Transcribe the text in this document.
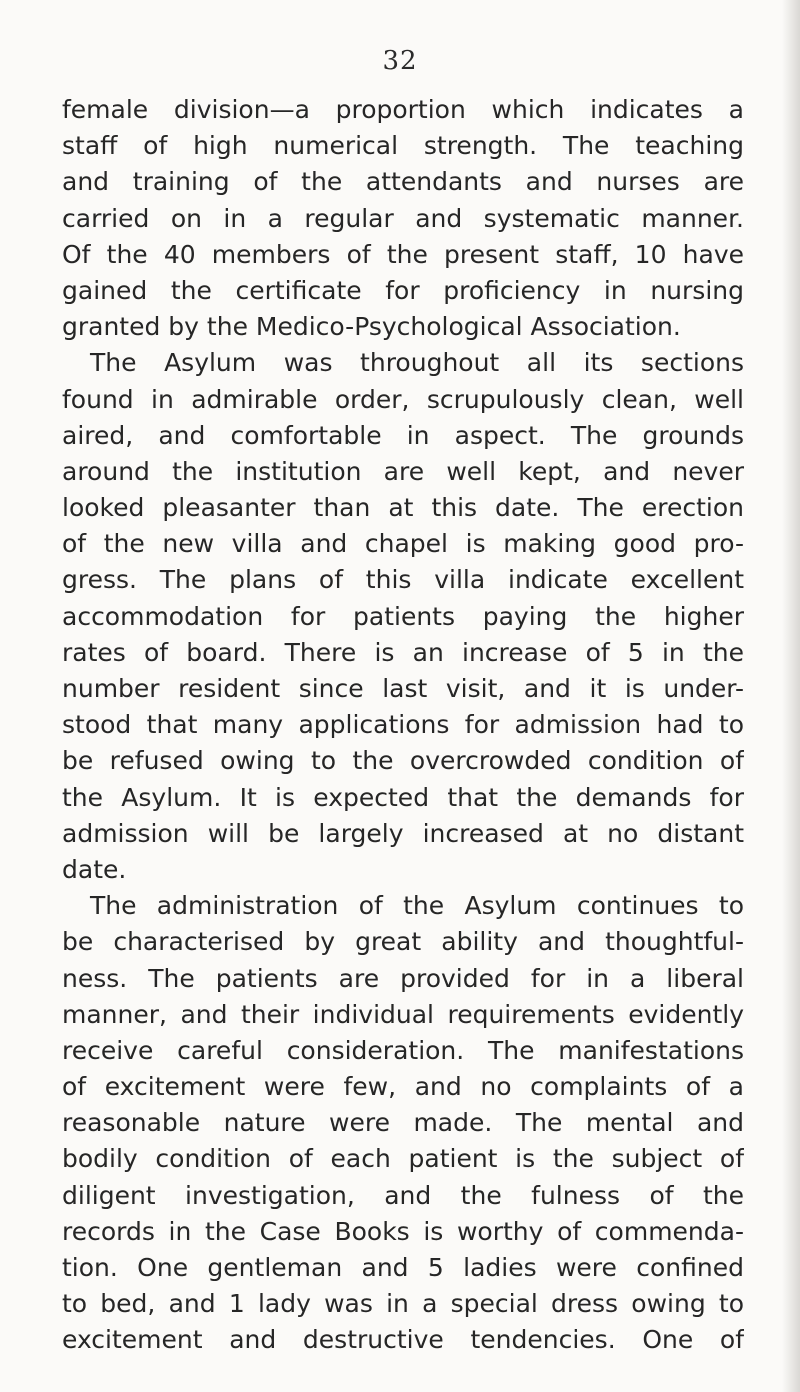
32
female division—a proportion which indicates a
staff of high numerical strength. The teaching
and training of the attendants and nurses are
carried on in a regular and systematic manner.
Of the 40 members of the present staff, 10 have
gained the certificate for proficiency in nursing
granted by the Medico-Psychological Association.
The Asylum was throughout all its sections
found in admirable order, scrupulously clean, well
aired, and comfortable in aspect. The grounds
around the institution are well kept, and never
looked pleasanter than at this date. The erection
of the new villa and chapel is making good pro-
gress. The plans of this villa indicate excellent
accommodation for patients paying the higher
rates of board. There is an increase of 5 in the
number resident since last visit, and it is under-
stood that many applications for admission had to
be refused owing to the overcrowded condition of
the Asylum. It is expected that the demands for
admission will be largely increased at no distant
date.
The administration of the Asylum continues to
be characterised by great ability and thoughtful-
ness. The patients are provided for in a liberal
manner, and their individual requirements evidently
receive careful consideration. The manifestations
of excitement were few, and no complaints of a
reasonable nature were made. The mental and
bodily condition of each patient is the subject of
diligent investigation, and the fulness of the
records in the Case Books is worthy of commenda-
tion. One gentleman and 5 ladies were confined
to bed, and 1 lady was in a special dress owing to
excitement and destructive tendencies. One of
